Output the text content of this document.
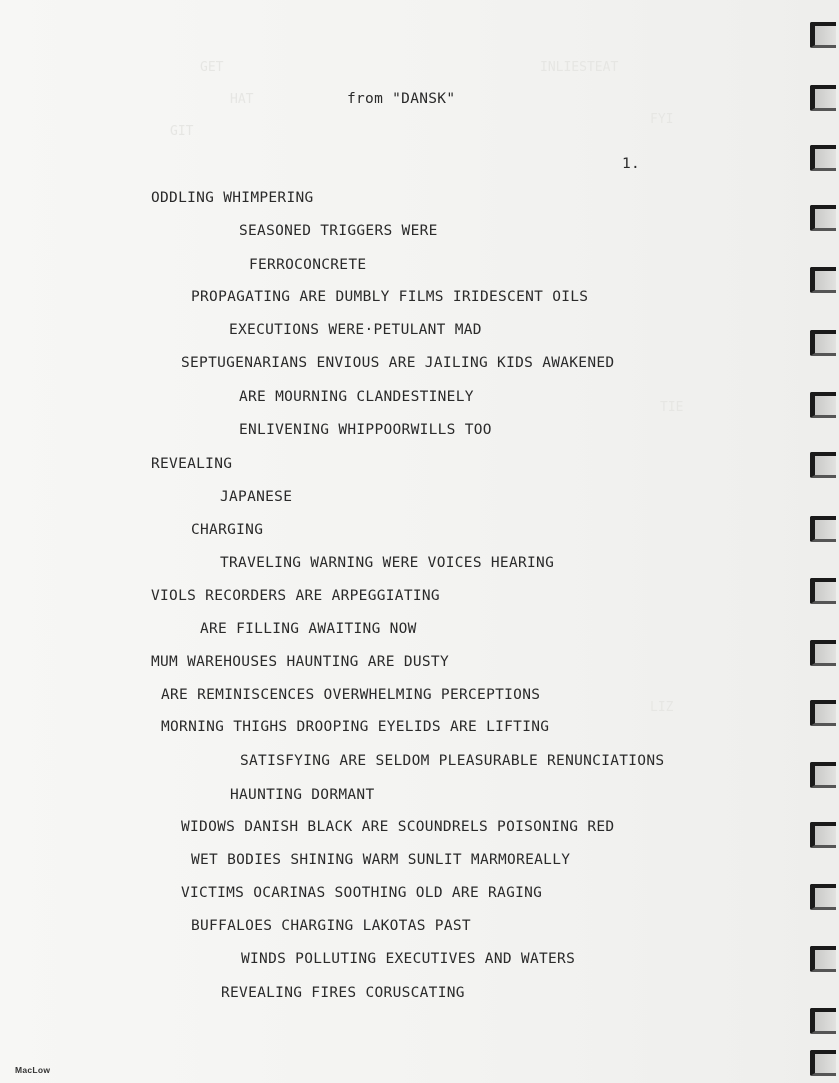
GET	INLIESTEAT
HAT
GIT
FYI
TIE
LIZ
from "DANSK"
1.
ODDLING WHIMPERING
SEASONED TRIGGERS WERE
FERROCONCRETE
PROPAGATING ARE DUMBLY FILMS IRIDESCENT OILS
EXECUTIONS WERE·PETULANT MAD
SEPTUGENARIANS ENVIOUS ARE JAILING KIDS AWAKENED
ARE MOURNING CLANDESTINELY
ENLIVENING WHIPPOORWILLS TOO
REVEALING
JAPANESE
CHARGING
TRAVELING WARNING WERE VOICES HEARING
VIOLS RECORDERS ARE ARPEGGIATING
ARE FILLING AWAITING NOW
MUM WAREHOUSES HAUNTING ARE DUSTY
ARE REMINISCENCES OVERWHELMING PERCEPTIONS
MORNING THIGHS DROOPING EYELIDS ARE LIFTING
SATISFYING ARE SELDOM PLEASURABLE RENUNCIATIONS
HAUNTING DORMANT
WIDOWS DANISH BLACK ARE SCOUNDRELS POISONING RED
WET BODIES SHINING WARM SUNLIT MARMOREALLY
VICTIMS OCARINAS SOOTHING OLD ARE RAGING
BUFFALOES CHARGING LAKOTAS PAST
WINDS POLLUTING EXECUTIVES AND WATERS
REVEALING FIRES CORUSCATING
MacLow
